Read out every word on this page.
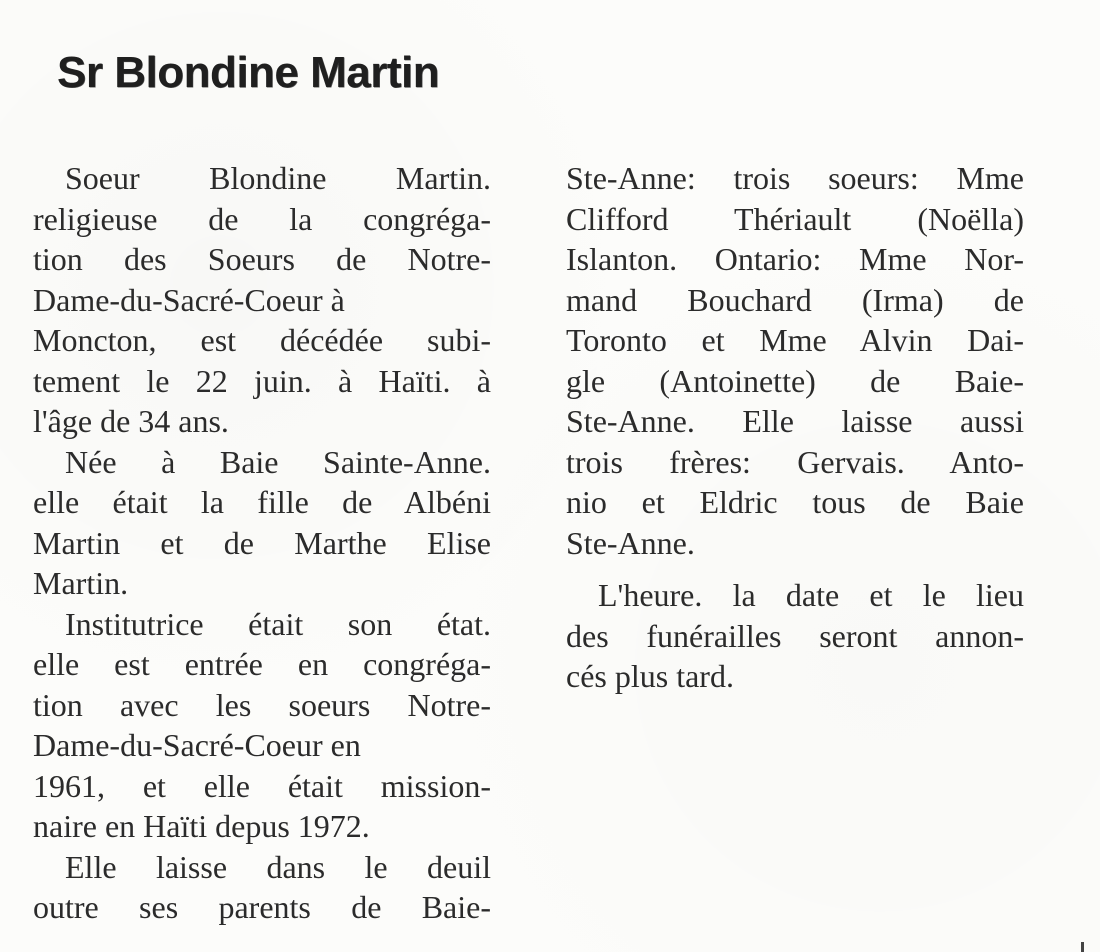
Sr Blondine Martin
Soeur Blondine Martin.
religieuse de la congréga-
tion des Soeurs de Notre-
Dame-du-Sacré-Coeur à
Moncton, est décédée subi-
tement le 22 juin. à Haïti. à
l'âge de 34 ans.
Née à Baie Sainte-Anne.
elle était la fille de Albéni
Martin et de Marthe Elise
Martin.
Institutrice était son état.
elle est entrée en congréga-
tion avec les soeurs Notre-
Dame-du-Sacré-Coeur en
1961, et elle était mission-
naire en Haïti depus 1972.
Elle laisse dans le deuil
outre ses parents de Baie-
Ste-Anne: trois soeurs: Mme
Clifford Thériault (Noëlla)
Islanton. Ontario: Mme Nor-
mand Bouchard (Irma) de
Toronto et Mme Alvin Dai-
gle (Antoinette) de Baie-
Ste-Anne. Elle laisse aussi
trois frères: Gervais. Anto-
nio et Eldric tous de Baie
Ste-Anne.
L'heure. la date et le lieu
des funérailles seront annon-
cés plus tard.
